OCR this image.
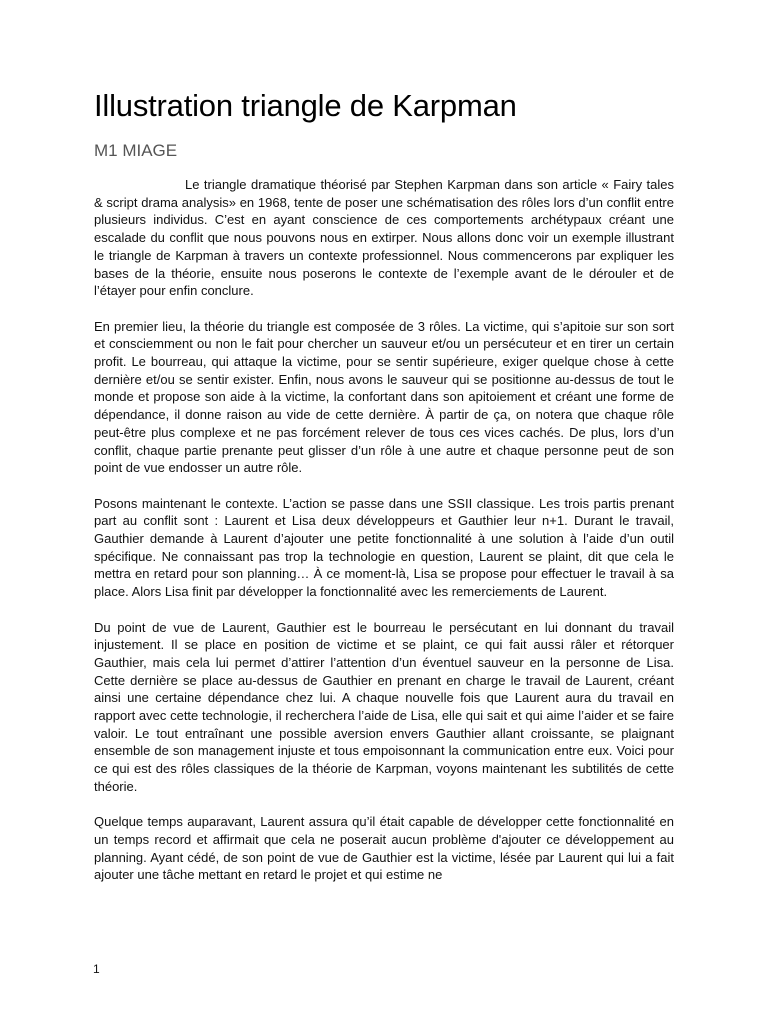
Illustration triangle de Karpman
M1 MIAGE

Le triangle dramatique théorisé par Stephen Karpman dans son article « Fairy tales & script drama analysis» en 1968, tente de poser une schématisation des rôles lors d’un conflit entre plusieurs individus. C’est en ayant conscience de ces comportements archétypaux créant une escalade du conflit que nous pouvons nous en extirper. Nous allons donc voir un exemple illustrant le triangle de Karpman à travers un contexte professionnel. Nous commencerons par expliquer les bases de la théorie, ensuite nous poserons le contexte de l’exemple avant de le dérouler et de l’étayer pour enfin conclure.

En premier lieu, la théorie du triangle est composée de 3 rôles. La victime, qui s’apitoie sur son sort et consciemment ou non le fait pour chercher un sauveur et/ou un persécuteur et en tirer un certain profit. Le bourreau, qui attaque la victime, pour se sentir supérieure, exiger quelque chose à cette dernière et/ou se sentir exister. Enfin, nous avons le sauveur qui se positionne au-dessus de tout le monde et propose son aide à la victime, la confortant dans son apitoiement et créant une forme de dépendance, il donne raison au vide de cette dernière. À partir de ça, on notera que chaque rôle peut-être plus complexe et ne pas forcément relever de tous ces vices cachés. De plus, lors d’un conflit, chaque partie prenante peut glisser d’un rôle à une autre et chaque personne peut de son point de vue endosser un autre rôle.

Posons maintenant le contexte. L’action se passe dans une SSII classique. Les trois partis prenant part au conflit sont : Laurent et Lisa deux développeurs et Gauthier leur n+1. Durant le travail, Gauthier demande à Laurent d’ajouter une petite fonctionnalité à une solution à l’aide d’un outil spécifique. Ne connaissant pas trop la technologie en question, Laurent se plaint, dit que cela le mettra en retard pour son planning… À ce moment-là, Lisa se propose pour effectuer le travail à sa place. Alors Lisa finit par développer la fonctionnalité avec les remerciements de Laurent.

Du point de vue de Laurent, Gauthier est le bourreau le persécutant en lui donnant du travail injustement. Il se place en position de victime et se plaint, ce qui fait aussi râler et rétorquer Gauthier, mais cela lui permet d’attirer l’attention d’un éventuel sauveur en la personne de Lisa. Cette dernière se place au-dessus de Gauthier en prenant en charge le travail de Laurent, créant ainsi une certaine dépendance chez lui. A chaque nouvelle fois que Laurent aura du travail en rapport avec cette technologie, il recherchera l’aide de Lisa, elle qui sait et qui aime l’aider et se faire valoir. Le tout entraînant une possible aversion envers Gauthier allant croissante, se plaignant ensemble de son management injuste et tous empoisonnant la communication entre eux. Voici pour ce qui est des rôles classiques de la théorie de Karpman, voyons maintenant les subtilités de cette théorie.

Quelque temps auparavant, Laurent assura qu’il était capable de développer cette fonctionnalité en un temps record et affirmait que cela ne poserait aucun problème d'ajouter ce développement au planning. Ayant cédé, de son point de vue de Gauthier est la victime, lésée par Laurent qui lui a fait ajouter une tâche mettant en retard le projet et qui estime ne

1
